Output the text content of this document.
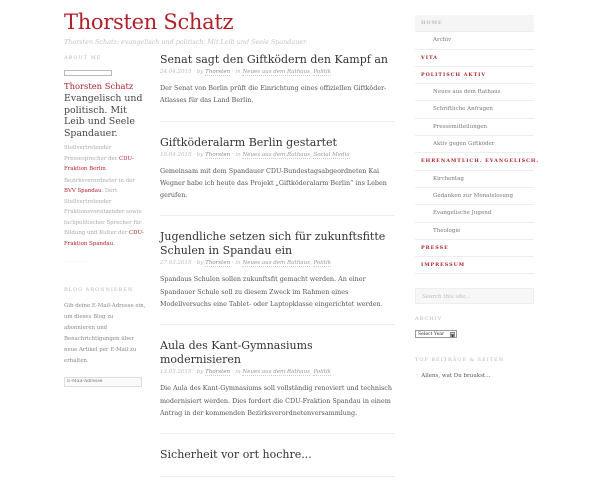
Thorsten Schatz
Thorsten Schatz: evangelisch und politisch. Mit Leib und Seele Spandauer.
ABOUT ME
Thorsten Schatz
Evangelisch und politisch. Mit Leib und Seele Spandauer.

Stellvertretender Pressesprecher der CDU-Fraktion Berlin.

Bezirksverordneter in der BVV Spandau. Dort Stellvertretender Fraktionsvorsitzender sowie fachpolitischer Sprecher für Bildung und Kultur der CDU-Fraktion Spandau.

·········
BLOG ABONNIEREN
Gib deine E-Mail-Adresse ein, um dieses Blog zu abonnieren und Benachrichtigungen über neue Artikel per E-Mail zu erhalten.
E-Mail-Adresse
Senat sagt den Giftködern den Kampf an
24.04.2015 · by Thorsten · in Neues aus dem Rathaus, Politik
Der Senat von Berlin prüft die Einrichtung eines offiziellen Giftköder-Atlasses für das Land Berlin.
Giftköderalarm Berlin gestartet
10.04.2015 · by Thorsten · in Neues aus dem Rathaus, Social Media
Gemeinsam mit dem Spandauer CDU-Bundestagsabgeordneten Kai Wegner habe ich heute das Projekt „Giftköderalarm Berlin“ ins Leben gerufen.
Jugendliche setzen sich für zukunftsfitte Schulen in Spandau ein
27.03.2015 · by Thorsten · in Neues aus dem Rathaus, Politik
Spandaus Schulen sollen zukunftsfit gemacht werden. An einer Spandauer Schule soll zu diesem Zweck im Rahmen eines Modellversuchs eine Tablet- oder Laptopklasse eingerichtet werden.
Aula des Kant-Gymnasiums modernisieren
13.03.2015 · by Thorsten · in Neues aus dem Rathaus, Politik
Die Aula des Kant-Gymnasiums soll vollständig renoviert und technisch modernisiert werden. Dies fordert die CDU-Fraktion Spandau in einem Antrag in der kommenden Bezirksverordnetenversammlung.
Sicherheit vor ort hochre...
HOME
Archiv
VITA
POLITISCH AKTIV
Neues aus dem Rathaus
Schriftliche Anfragen
Pressemitteilungen
Aktiv gegen Giftköder
EHRENAMTLICH. EVANGELISCH.
Kirchentag
Gedanken zur Monatslosung
Evangelische Jugend
Theologie
PRESSE
IMPRESSUM
Search this site...
ARCHIV
Select Year ▼
TOP BEITRÄGE & SEITEN
◦ Allens, wat Du bruukst...
